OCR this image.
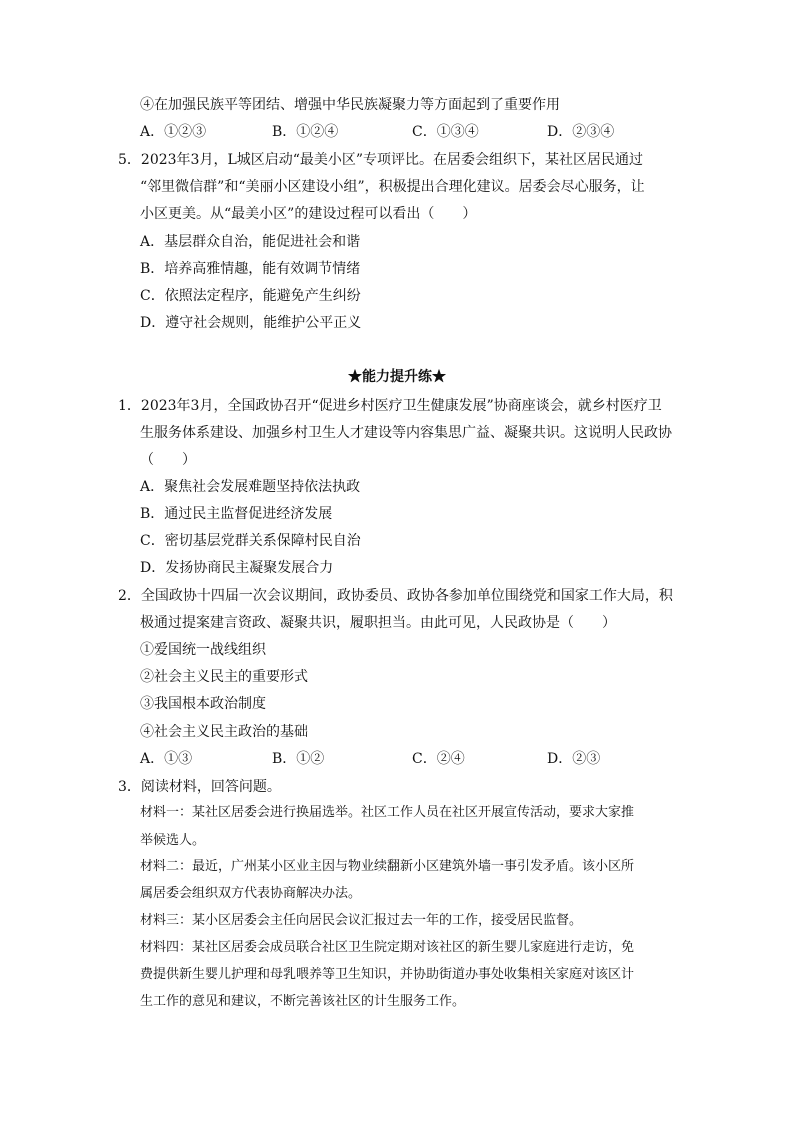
④在加强民族平等团结、增强中华民族凝聚力等方面起到了重要作用
A．①②③	B．①②④	C．①③④	D．②③④
5．2023年3月，L城区启动“最美小区”专项评比。在居委会组织下，某社区居民通过
“邻里微信群”和“美丽小区建设小组”，积极提出合理化建议。居委会尽心服务，让
小区更美。从“最美小区”的建设过程可以看出（　　）
A．基层群众自治，能促进社会和谐
B．培养高雅情趣，能有效调节情绪
C．依照法定程序，能避免产生纠纷
D．遵守社会规则，能维护公平正义
★能力提升练★
1．2023年3月，全国政协召开“促进乡村医疗卫生健康发展”协商座谈会，就乡村医疗卫
生服务体系建设、加强乡村卫生人才建设等内容集思广益、凝聚共识。这说明人民政协
（　　）
A．聚焦社会发展难题坚持依法执政
B．通过民主监督促进经济发展
C．密切基层党群关系保障村民自治
D．发扬协商民主凝聚发展合力
2．全国政协十四届一次会议期间，政协委员、政协各参加单位围绕党和国家工作大局，积
极通过提案建言资政、凝聚共识，履职担当。由此可见，人民政协是（　　）
①爱国统一战线组织
②社会主义民主的重要形式
③我国根本政治制度
④社会主义民主政治的基础
A．①③	B．①②	C．②④	D．②③
3．阅读材料，回答问题。
材料一：某社区居委会进行换届选举。社区工作人员在社区开展宣传活动，要求大家推
举候选人。
材料二：最近，广州某小区业主因与物业续翻新小区建筑外墙一事引发矛盾。该小区所
属居委会组织双方代表协商解决办法。
材料三：某小区居委会主任向居民会议汇报过去一年的工作，接受居民监督。
材料四：某社区居委会成员联合社区卫生院定期对该社区的新生婴儿家庭进行走访，免
费提供新生婴儿护理和母乳喂养等卫生知识，并协助街道办事处收集相关家庭对该区计
生工作的意见和建议，不断完善该社区的计生服务工作。
